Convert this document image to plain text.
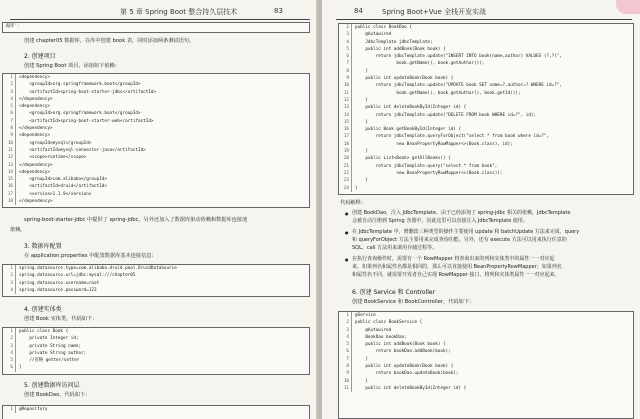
第 5 章 Spring Boot 整合持久层技术	83
据库'；
创建 chapter05 数据库，在库中创建 book 表，同时添加两条测试语句。
2. 创建项目
创建 Spring Boot 项目，添加如下依赖：
1	<dependency>
2	<groupId>org.springframework.boot</groupId>
3	<artifactId>spring-boot-starter-jdbc</artifactId>
4	</dependency>
5	<dependency>
6	<groupId>org.springframework.boot</groupId>
7	<artifactId>spring-boot-starter-web</artifactId>
8	</dependency>
9	<dependency>
10	<groupId>mysql</groupId>
11	<artifactId>mysql-connector-java</artifactId>
12	<scope>runtime</scope>
13	</dependency>
14	<dependency>
15	<groupId>com.alibaba</groupId>
16	<artifactId>druid</artifactId>
17	<version>1.1.9</version>
18	</dependency>
spring-boot-starter-jdbc 中提供了 spring-jdbc，另外还加入了数据库驱动依赖和数据库连接池
依赖。
3. 数据库配置
在 application.properties 中配置数据库基本连接信息：
1	spring.datasource.type=com.alibaba.druid.pool.DruidDataSource
2	spring.datasource.url=jdbc:mysql:///chapter05
3	spring.datasource.username=root
4	spring.datasource.password=123
4. 创建实体类
创建 Book 实体类，代码如下：
1	public class Book {
2	private Integer id;
3	private String name;
4	private String author;
5	//省略 getter/setter
6	}
5. 创建数据库访问层
创建 BookDao，代码如下：
1	@Repository
84	Spring Boot+Vue 全栈开发实战
2	public class BookDao {
3	@Autowired
4	JdbcTemplate jdbcTemplate;
5	public int addBook(Book book) {
6	return jdbcTemplate.update("INSERT INTO book(name,author) VALUES (?,?)",
7	book.getName(), book.getAuthor());
8	}
9	public int updateBook(Book book) {
10	return jdbcTemplate.update("UPDATE book SET name=?,author=? WHERE id=?",
11	book.getName(), book.getAuthor(), book.getId());
12	}
13	public int deleteBookById(Integer id) {
14	return jdbcTemplate.update("DELETE FROM book WHERE id=?", id);
15	}
16	public Book getBookById(Integer id) {
17	return jdbcTemplate.queryForObject("select * from book where id=?",
18	new BeanPropertyRowMapper<>(Book.class), id);
19	}
20	public List<Book> getAllBooks() {
21	return jdbcTemplate.query("select * from book",
22	new BeanPropertyRowMapper<>(Book.class));
23	}
24	}
代码解释：
● 创建 BookDao，注入 JdbcTemplate。由于已经添加了 spring-jdbc 相关的依赖，JdbcTemplate
会被自动注册到 Spring 容器中，因此这里可以直接注入 JdbcTemplate 使用。
● 在 JdbcTemplate 中，增删改三种类型的操作主要使用 update 和 batchUpdate 方法来完成，query
和 queryForObject 方法主要用来完成查询功能。另外，还有 execute 方法可以用来执行任意的
SQL、call 方法用来调用存储过程等。
● 在执行查询操作时，需要有一个 RowMapper 将查询出来的列和实体类中的属性一一对应起
来。如果列名和属性名都是相同的，那么可以直接使用 BeanPropertyRowMapper；如果列名
和属性名不同，就需要开发者自己实现 RowMapper 接口，将列和实体类属性一一对应起来。
6. 创建 Service 和 Controller
创建 BookService 和 BookController，代码如下：
1	@Service
2	public class BookService {
3	@Autowired
4	BookDao bookDao;
5	public int addBook(Book book) {
6	return bookDao.addBook(book);
7	}
8	public int updateBook(Book book) {
9	return bookDao.updateBook(book);
10	}
11	public int deleteBookById(Integer id) {
